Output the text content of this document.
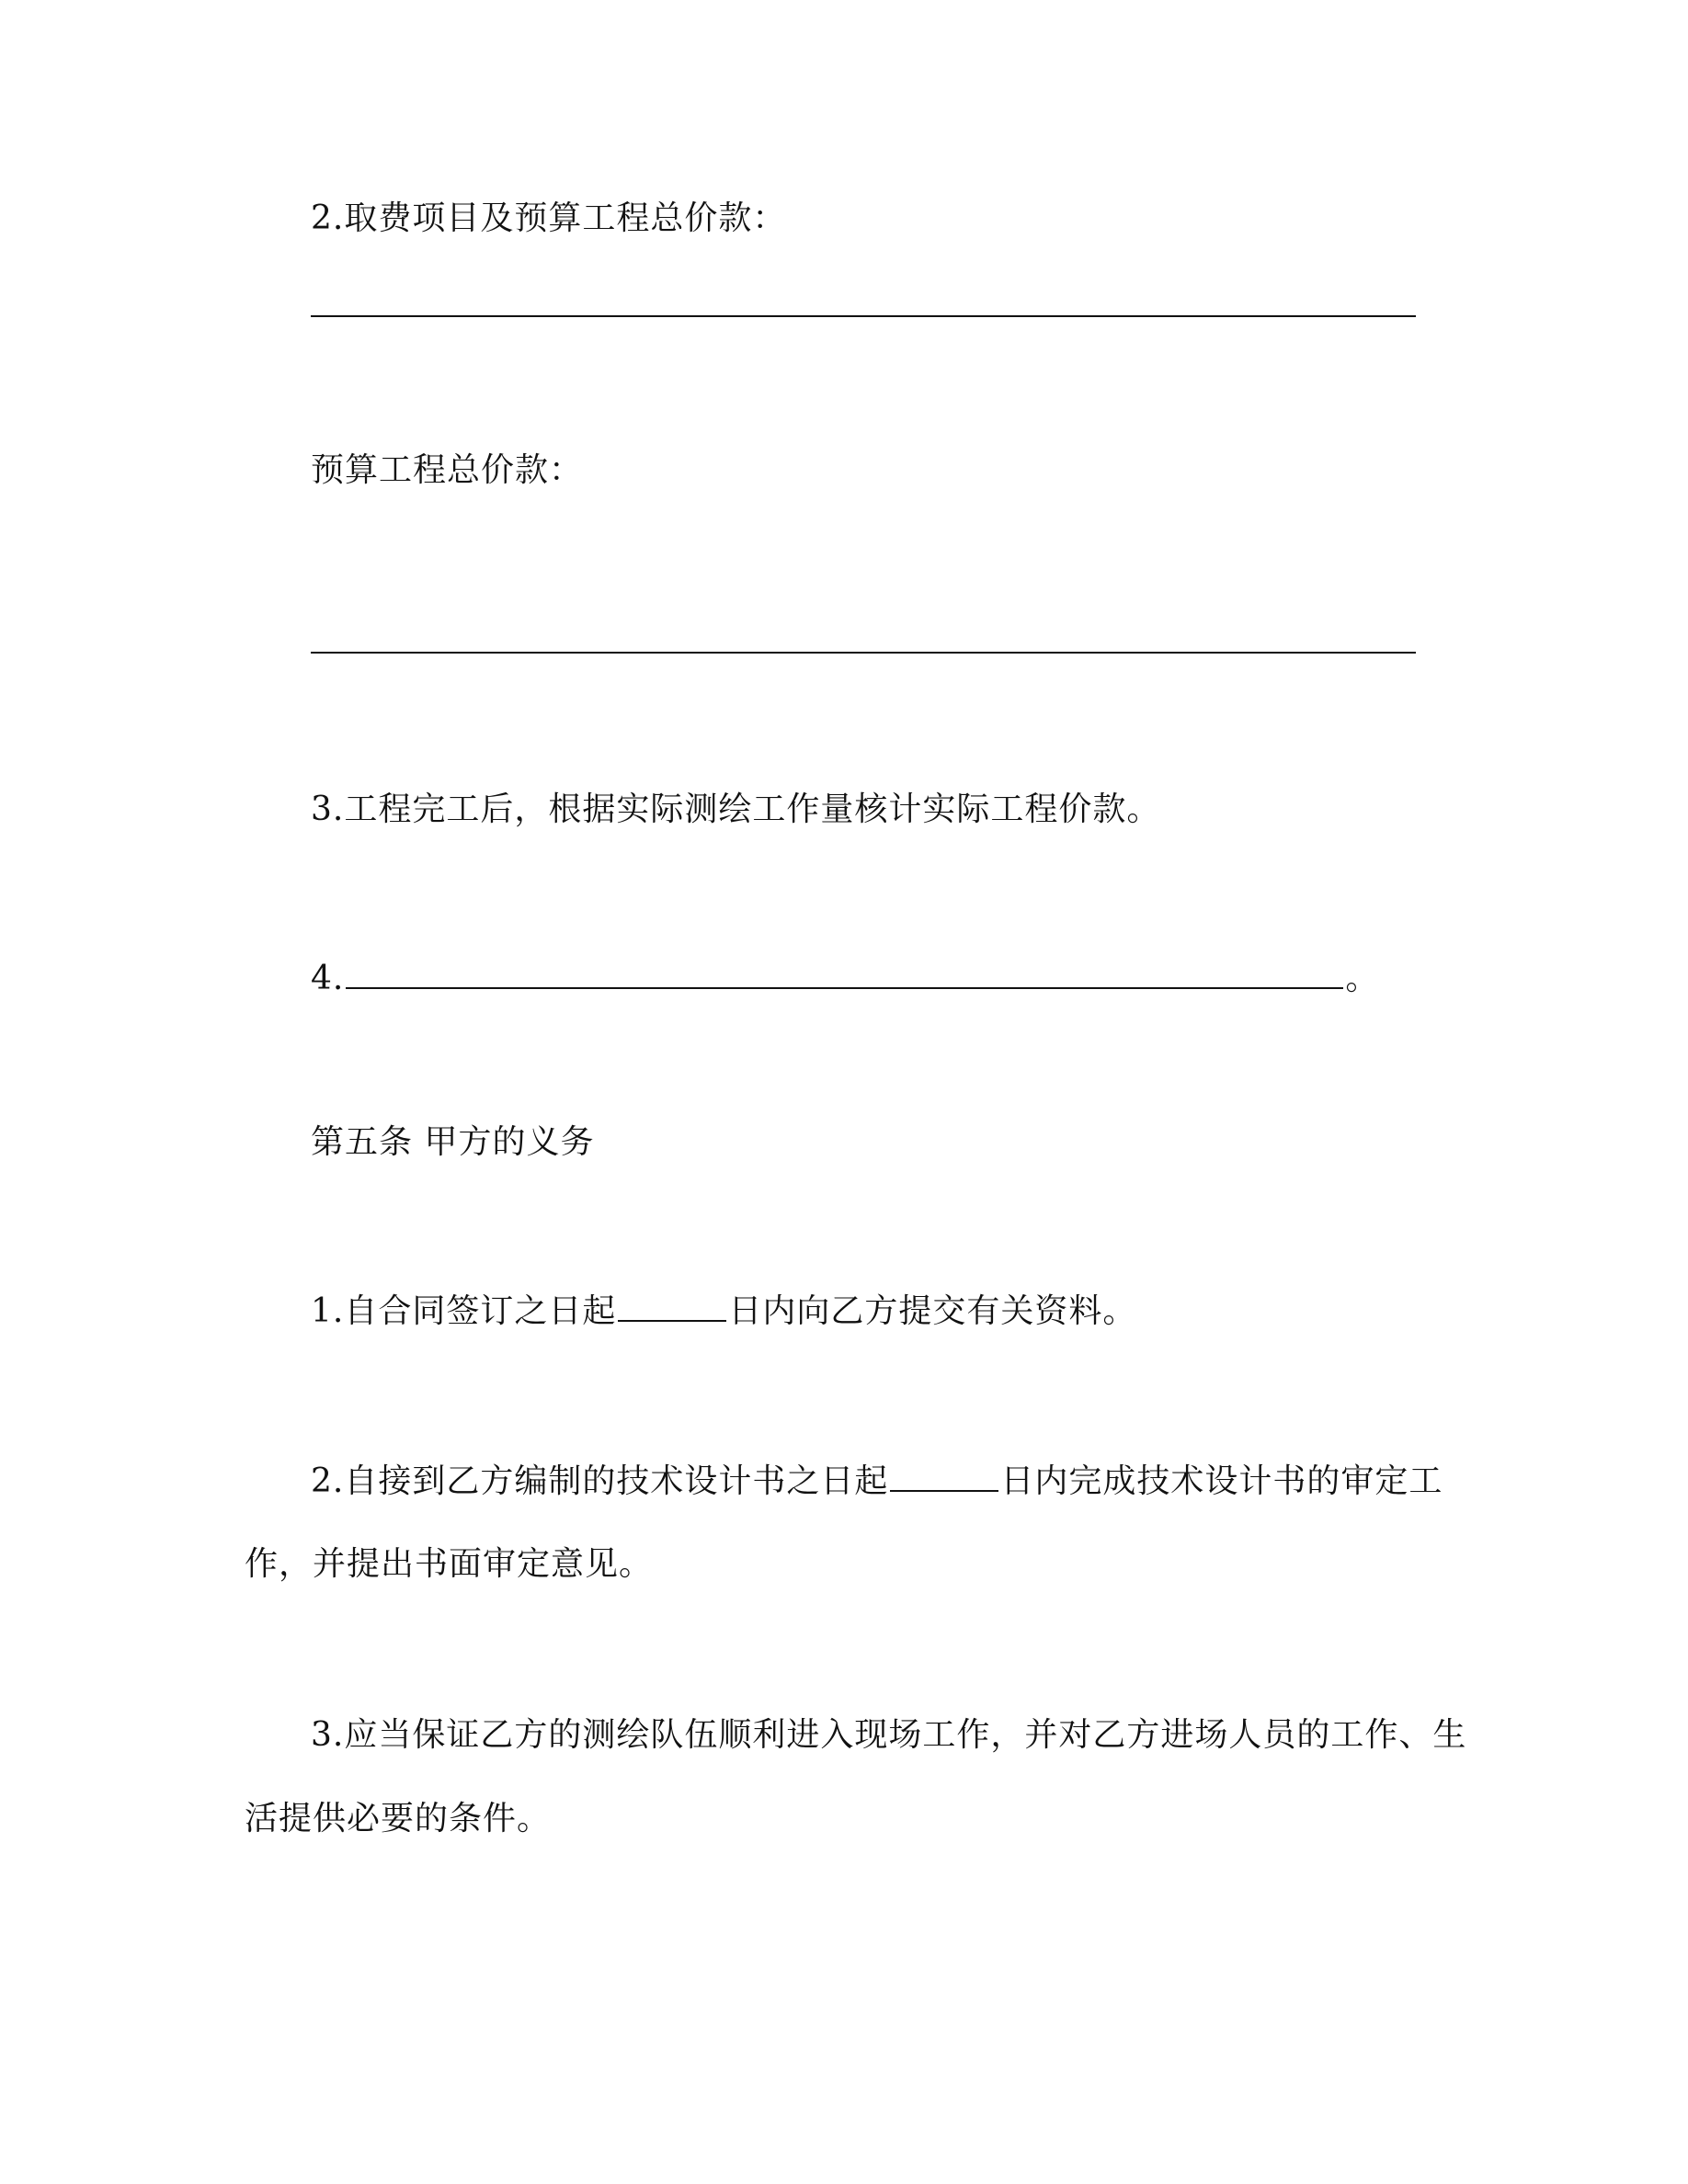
2.取费项目及预算工程总价款：
预算工程总价款：
3.工程完工后，根据实际测绘工作量核计实际工程价款。
4.	。
第五条 甲方的义务
1.自合同签订之日起	日内向乙方提交有关资料。
2.自接到乙方编制的技术设计书之日起	日内完成技术设计书的审定工
作，并提出书面审定意见。
3.应当保证乙方的测绘队伍顺利进入现场工作，并对乙方进场人员的工作、生
活提供必要的条件。
